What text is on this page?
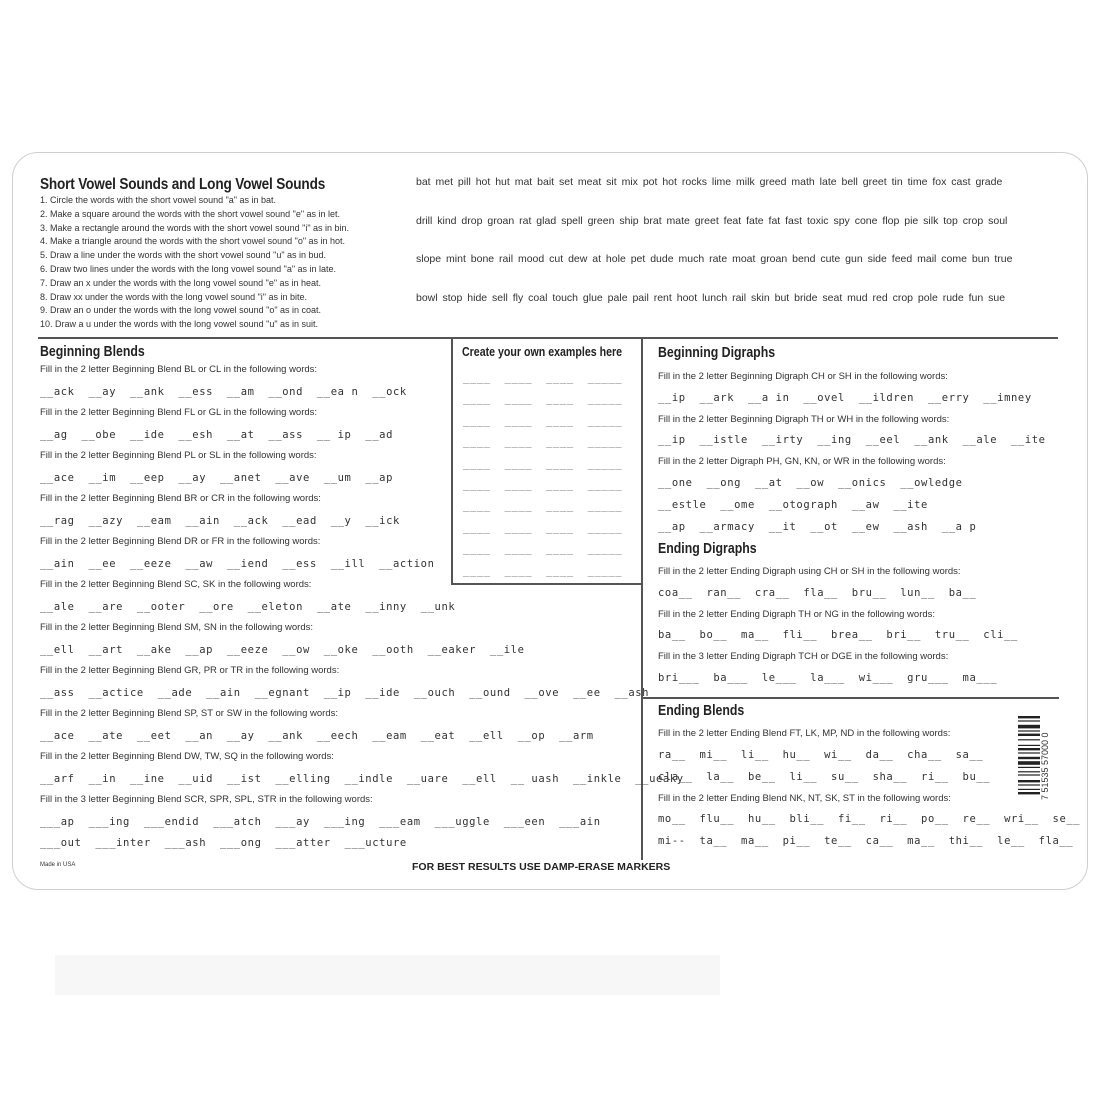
Short Vowel Sounds and Long Vowel Sounds
1. Circle the words with the short vowel sound "a" as in bat.
2. Make a square around the words with the short vowel sound "e" as in let.
3. Make a rectangle around the words with the short vowel sound "i" as in bin.
4. Make a triangle around the words with the short vowel sound "o" as in hot.
5. Draw a line under the words with the short vowel sound "u" as in bud.
6. Draw two lines under the words with the long vowel sound "a" as in late.
7. Draw an x under the words with the long vowel sound "e" as in heat.
8. Draw xx under the words with the long vowel sound "i" as in bite.
9. Draw an o under the words with the long vowel sound "o" as in coat.
10. Draw a u under the words with the long vowel sound "u" as in suit.
bat met pill hot hut mat bait set meat sit mix pot hot rocks lime milk greed math late bell greet tin time fox cast grade
drill kind drop groan rat glad spell green ship brat mate greet feat fate fat fast toxic spy cone flop pie silk top crop soul
slope mint bone rail mood cut dew at hole pet dude much rate moat groan bend cute gun side feed mail come bun true
bowl stop hide sell fly coal touch glue pale pail rent hoot lunch rail skin but bride seat mud red crop pole rude fun sue
Beginning Blends
Fill in the 2 letter Beginning Blend BL or CL in the following words:
__ack  __ay  __ank  __ess  __am  __ond  __ea n  __ock
Fill in the 2 letter Beginning Blend FL or GL in the following words:
__ag  __obe  __ide  __esh  __at  __ass  __ ip  __ad
Fill in the 2 letter Beginning Blend PL or SL in the following words:
__ace  __im  __eep  __ay  __anet  __ave  __um  __ap
Fill in the 2 letter Beginning Blend BR or CR in the following words:
__rag  __azy  __eam  __ain  __ack  __ead  __y  __ick
Fill in the 2 letter Beginning Blend DR or FR in the following words:
__ain  __ee  __eeze  __aw  __iend  __ess  __ill  __action
Fill in the 2 letter Beginning Blend SC, SK in the following words:
__ale  __are  __ooter  __ore  __eleton  __ate  __inny  __unk
Fill in the 2 letter Beginning Blend SM, SN in the following words:
__ell  __art  __ake  __ap  __eeze  __ow  __oke  __ooth  __eaker  __ile
Fill in the 2 letter Beginning Blend GR, PR or TR in the following words:
__ass  __actice  __ade  __ain  __egnant  __ip  __ide  __ouch  __ound  __ove  __ee  __ash
Fill in the 2 letter Beginning Blend SP, ST or SW in the following words:
__ace  __ate  __eet  __an  __ay  __ank  __eech  __eam  __eat  __ell  __op  __arm
Fill in the 2 letter Beginning Blend DW, TW, SQ in the following words:
__arf  __in  __ine  __uid  __ist  __elling  __indle  __uare  __ell  __ uash  __inkle  __ueaky
Fill in the 3 letter Beginning Blend SCR, SPR, SPL, STR in the following words:
___ap  ___ing  ___endid  ___atch  ___ay  ___ing  ___eam  ___uggle  ___een  ___ain
___out  ___inter  ___ash  ___ong  ___atter  ___ucture
Create your own examples here
____  ____  ____  _____
____  ____  ____  _____
____  ____  ____  _____
____  ____  ____  _____
____  ____  ____  _____
____  ____  ____  _____
____  ____  ____  _____
____  ____  ____  _____
____  ____  ____  _____
____  ____  ____  _____
Beginning Digraphs
Fill in the 2 letter Beginning Digraph CH or SH in the following words:
__ip  __ark  __a in  __ovel  __ildren  __erry  __imney
Fill in the 2 letter Beginning Digraph TH or WH in the following words:
__ip  __istle  __irty  __ing  __eel  __ank  __ale  __ite
Fill in the 2 letter Digraph PH, GN, KN, or WR in the following words:
__one  __ong  __at  __ow  __onics  __owledge
__estle  __ome  __otograph  __aw  __ite
__ap  __armacy  __it  __ot  __ew  __ash  __a p
Ending Digraphs
Fill in the 2 letter Ending Digraph using CH or SH in the following words:
coa__  ran__  cra__  fla__  bru__  lun__  ba__
Fill in the 2 letter Ending Digraph TH or NG in the following words:
ba__  bo__  ma__  fli__  brea__  bri__  tru__  cli__
Fill in the 3 letter Ending Digraph TCH or DGE in the following words:
bri___  ba___  le___  la___  wi___  gru___  ma___
Ending Blends
Fill in the 2 letter Ending Blend FT, LK, MP, ND in the following words:
ra__  mi__  li__  hu__  wi__  da__  cha__  sa__
cla__  la__  be__  li__  su__  sha__  ri__  bu__
Fill in the 2 letter Ending Blend NK, NT, SK, ST in the following words:
mo__  flu__  hu__  bli__  fi__  ri__  po__  re__  wri__  se__
mi--  ta__  ma__  pi__  te__  ca__  ma__  thi__  le__  fla__
7 51535 57000 0
Made in USA	FOR BEST RESULTS USE DAMP-ERASE MARKERS
